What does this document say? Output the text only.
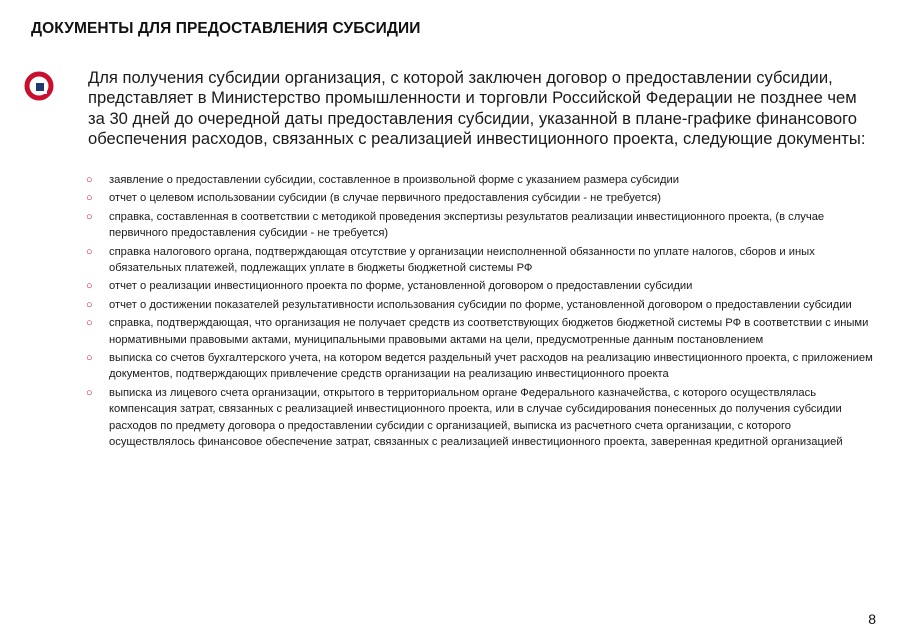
ДОКУМЕНТЫ ДЛЯ ПРЕДОСТАВЛЕНИЯ СУБСИДИИ
Для получения субсидии организация, с которой заключен договор о предоставлении субсидии, представляет в Министерство промышленности и торговли Российской Федерации не позднее чем за 30 дней до очередной даты предоставления субсидии, указанной в плане-графике финансового обеспечения расходов, связанных с реализацией инвестиционного проекта, следующие документы:
○ заявление о предоставлении субсидии, составленное в произвольной форме с указанием размера субсидии
○ отчет о целевом использовании субсидии (в случае первичного предоставления субсидии - не требуется)
○ справка, составленная в соответствии с методикой проведения экспертизы результатов реализации инвестиционного проекта, (в случае первичного предоставления субсидии - не требуется)
○ справка налогового органа, подтверждающая отсутствие у организации неисполненной обязанности по уплате налогов, сборов и иных обязательных платежей, подлежащих уплате в бюджеты бюджетной системы РФ
○ отчет о реализации инвестиционного проекта по форме, установленной договором о предоставлении субсидии
○ отчет о достижении показателей результативности использования субсидии по форме, установленной договором о предоставлении субсидии
○ справка, подтверждающая, что организация не получает средств из соответствующих бюджетов бюджетной системы РФ в соответствии с иными нормативными правовыми актами, муниципальными правовыми актами на цели, предусмотренные данным постановлением
○ выписка со счетов бухгалтерского учета, на котором ведется раздельный учет расходов на реализацию инвестиционного проекта, с приложением документов, подтверждающих привлечение средств организации на реализацию инвестиционного проекта
○ выписка из лицевого счета организации, открытого в территориальном органе Федерального казначейства, с которого осуществлялась компенсация затрат, связанных с реализацией инвестиционного проекта, или в случае субсидирования понесенных до получения субсидии расходов по предмету договора о предоставлении субсидии с организацией, выписка из расчетного счета организации, с которого осуществлялось финансовое обеспечение затрат, связанных с реализацией инвестиционного проекта, заверенная кредитной организацией
8
